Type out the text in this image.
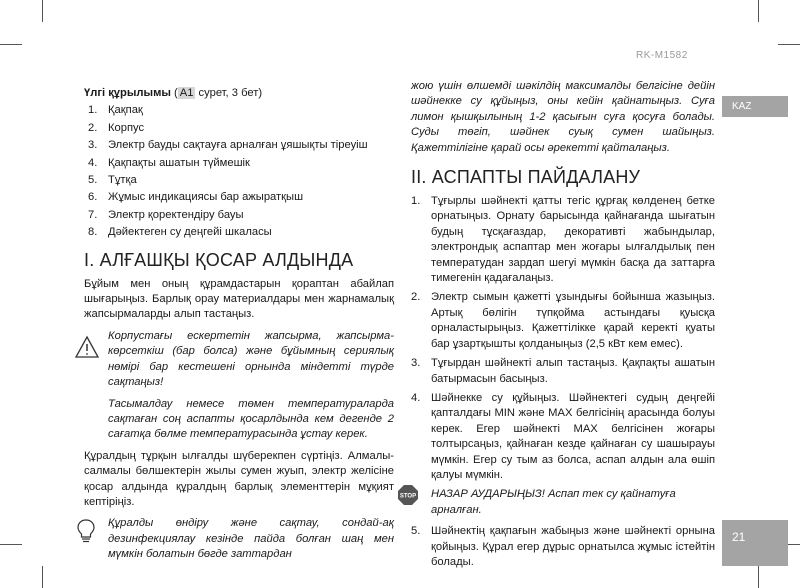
RK-M1582
KAZ
21
Үлгі құрылымы ( A1 сурет, 3 бет)
1. Қақпақ
2. Корпус
3. Электр бауды сақтауға арналған ұяшықты тіреуіш
4. Қақпақты ашатын түймешік
5. Тұтқа
6. Жұмыс индикациясы бар ажыратқыш
7. Электр қоректендіру бауы
8. Дәйектеген су деңгейі шкаласы
I. АЛҒАШҚЫ ҚОСАР АЛДЫНДА

Бұйым мен оның құрамдастарын қораптан абайлап шығарыңыз. Барлық орау материалдары мен жарнамалық жапсырмаларды алып тастаңыз.

Корпустағы ескертетін жапсырма, жапсырма-көрсеткіш (бар болса) және бұйымның сериялық нөмірі бар кестешені орнында міндетті түрде сақтаңыз!

Тасымалдау немесе төмен температураларда сақтаған соң аспапты қосарлдында кем дегенде 2 сағатқа бөлме температурасында ұстау керек.

Құралдың тұрқын ылғалды шүберекпен сүртіңіз. Алмалы-салмалы бөлшектерін жылы сумен жуып, электр желісіне қосар алдында құралдың барлық элементтерін мұқият кептіріңіз.

Құралды өндіру және сақтау, сондай-ақ дезинфекциялау кезінде пайда болған шаң мен мүмкін болатын бөгде заттардан

жою үшін өлшемді шәкілдің максималды белгісіне дейін шәйнекке су құйыңыз, оны кейін қайнатыңыз. Суға лимон қышқылының 1-2 қасығын суға қосуға болады. Суды төгіп, шәйнек суық сумен шайыңыз. Қажеттілігіне қарай осы әрекетті қайталаңыз.

II. АСПАПТЫ ПАЙДАЛАНУ
1. Тұғырлы шәйнекті қатты тегіс құрғақ көлденең бетке орнатыңыз. Орнату барысында қайнағанда шығатын будың тұсқағаздар, декоративті жабындылар, электрондық аспаптар мен жоғары ылғалдылық пен температудан зардап шегуі мүмкін басқа да заттарға тимегенін қадағалаңыз.
2. Электр сымын қажетті ұзындығы бойынша жазыңыз. Артық бөлігін түпқойма астындағы қуысқа орналастырыңыз. Қажеттілікке қарай керекті қуаты бар ұзартқышты қолданыңыз (2,5 кВт кем емес).
3. Тұғырдан шәйнекті алып тастаңыз. Қақпақты ашатын батырмасын басыңыз.
4. Шәйнекке су құйыңыз. Шәйнектегі судың деңгейі қаптaлдағы MIN және MAX белгісінің арасында болуы керек. Егер шәйнекті MAX белгісінен жоғары толтырсаңыз, қайнаған кезде қайнаған су шашырауы мүмкін. Егер су тым аз болса, аспап алдын ала өшіп қалуы мүмкін.
STOP НАЗАР АУДАРЫҢЫЗ! Аспап тек су қайнатуға арналған.
5. Шәйнектің қақпағын жабыңыз және шәйнекті орнына қойыңыз. Құрал егер дұрыс орнатылса жұмыс істейтін болады.
